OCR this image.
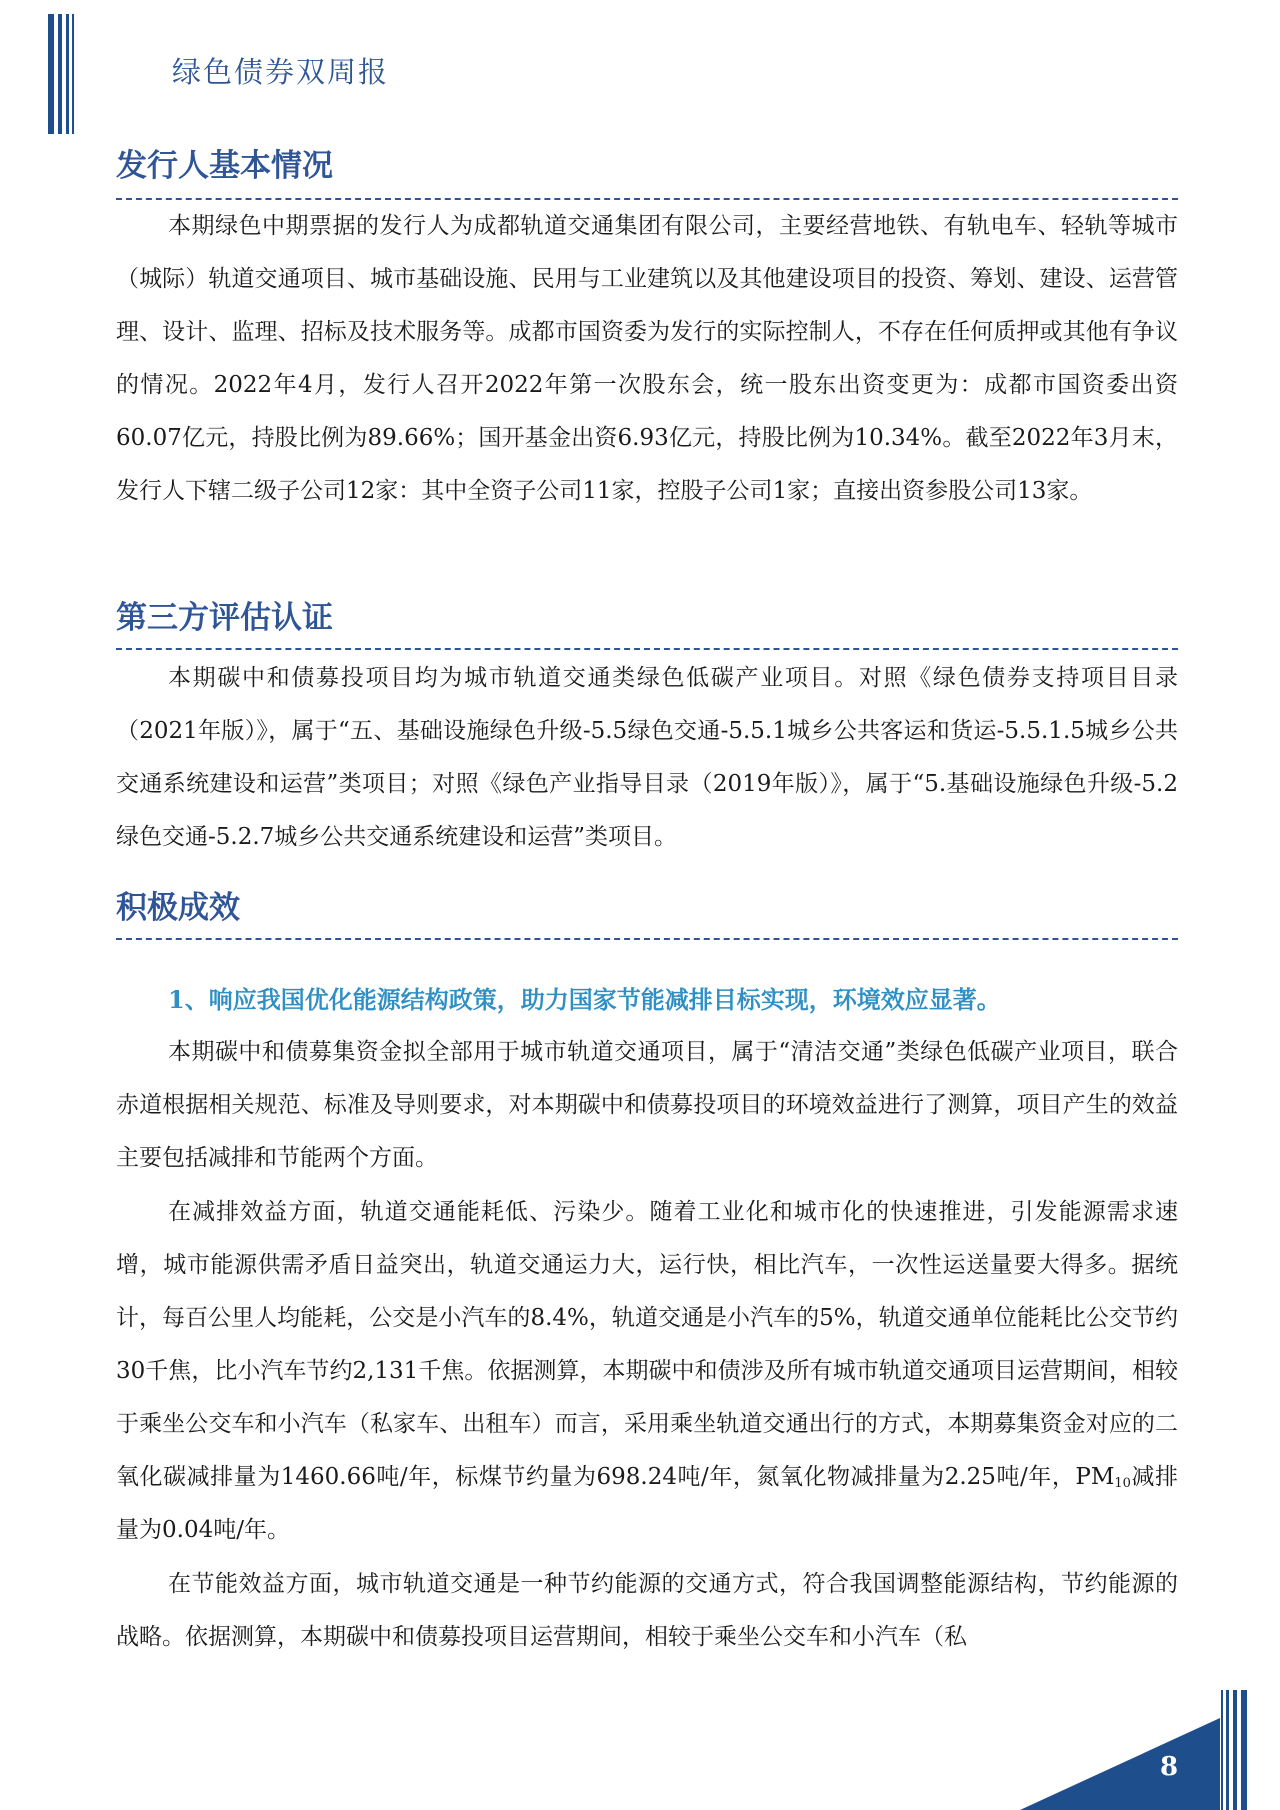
绿色债券双周报
发行人基本情况
本期绿色中期票据的发行人为成都轨道交通集团有限公司，主要经营地铁、有轨电车、轻轨等城市（城际）轨道交通项目、城市基础设施、民用与工业建筑以及其他建设项目的投资、筹划、建设、运营管理、设计、监理、招标及技术服务等。成都市国资委为发行的实际控制人，不存在任何质押或其他有争议的情况。2022年4月，发行人召开2022年第一次股东会，统一股东出资变更为：成都市国资委出资60.07亿元，持股比例为89.66%；国开基金出资6.93亿元，持股比例为10.34%。截至2022年3月末，发行人下辖二级子公司12家：其中全资子公司11家，控股子公司1家；直接出资参股公司13家。
第三方评估认证
本期碳中和债募投项目均为城市轨道交通类绿色低碳产业项目。对照《绿色债券支持项目目录（2021年版）》，属于“五、基础设施绿色升级-5.5绿色交通-5.5.1城乡公共客运和货运-5.5.1.5城乡公共交通系统建设和运营”类项目；对照《绿色产业指导目录（2019年版）》，属于“5.基础设施绿色升级-5.2绿色交通-5.2.7城乡公共交通系统建设和运营”类项目。
积极成效
1、响应我国优化能源结构政策，助力国家节能减排目标实现，环境效应显著。
本期碳中和债募集资金拟全部用于城市轨道交通项目，属于“清洁交通”类绿色低碳产业项目，联合赤道根据相关规范、标准及导则要求，对本期碳中和债募投项目的环境效益进行了测算，项目产生的效益主要包括减排和节能两个方面。
在减排效益方面，轨道交通能耗低、污染少。随着工业化和城市化的快速推进，引发能源需求速增，城市能源供需矛盾日益突出，轨道交通运力大，运行快，相比汽车，一次性运送量要大得多。据统计，每百公里人均能耗，公交是小汽车的8.4%，轨道交通是小汽车的5%，轨道交通单位能耗比公交节约30千焦，比小汽车节约2,131千焦。依据测算，本期碳中和债涉及所有城市轨道交通项目运营期间，相较于乘坐公交车和小汽车（私家车、出租车）而言，采用乘坐轨道交通出行的方式，本期募集资金对应的二氧化碳减排量为1460.66吨/年，标煤节约量为698.24吨/年，氮氧化物减排量为2.25吨/年，$PM_{10}$减排量为0.04吨/年。
在节能效益方面，城市轨道交通是一种节约能源的交通方式，符合我国调整能源结构，节约能源的战略。依据测算，本期碳中和债募投项目运营期间，相较于乘坐公交车和小汽车（私
8
